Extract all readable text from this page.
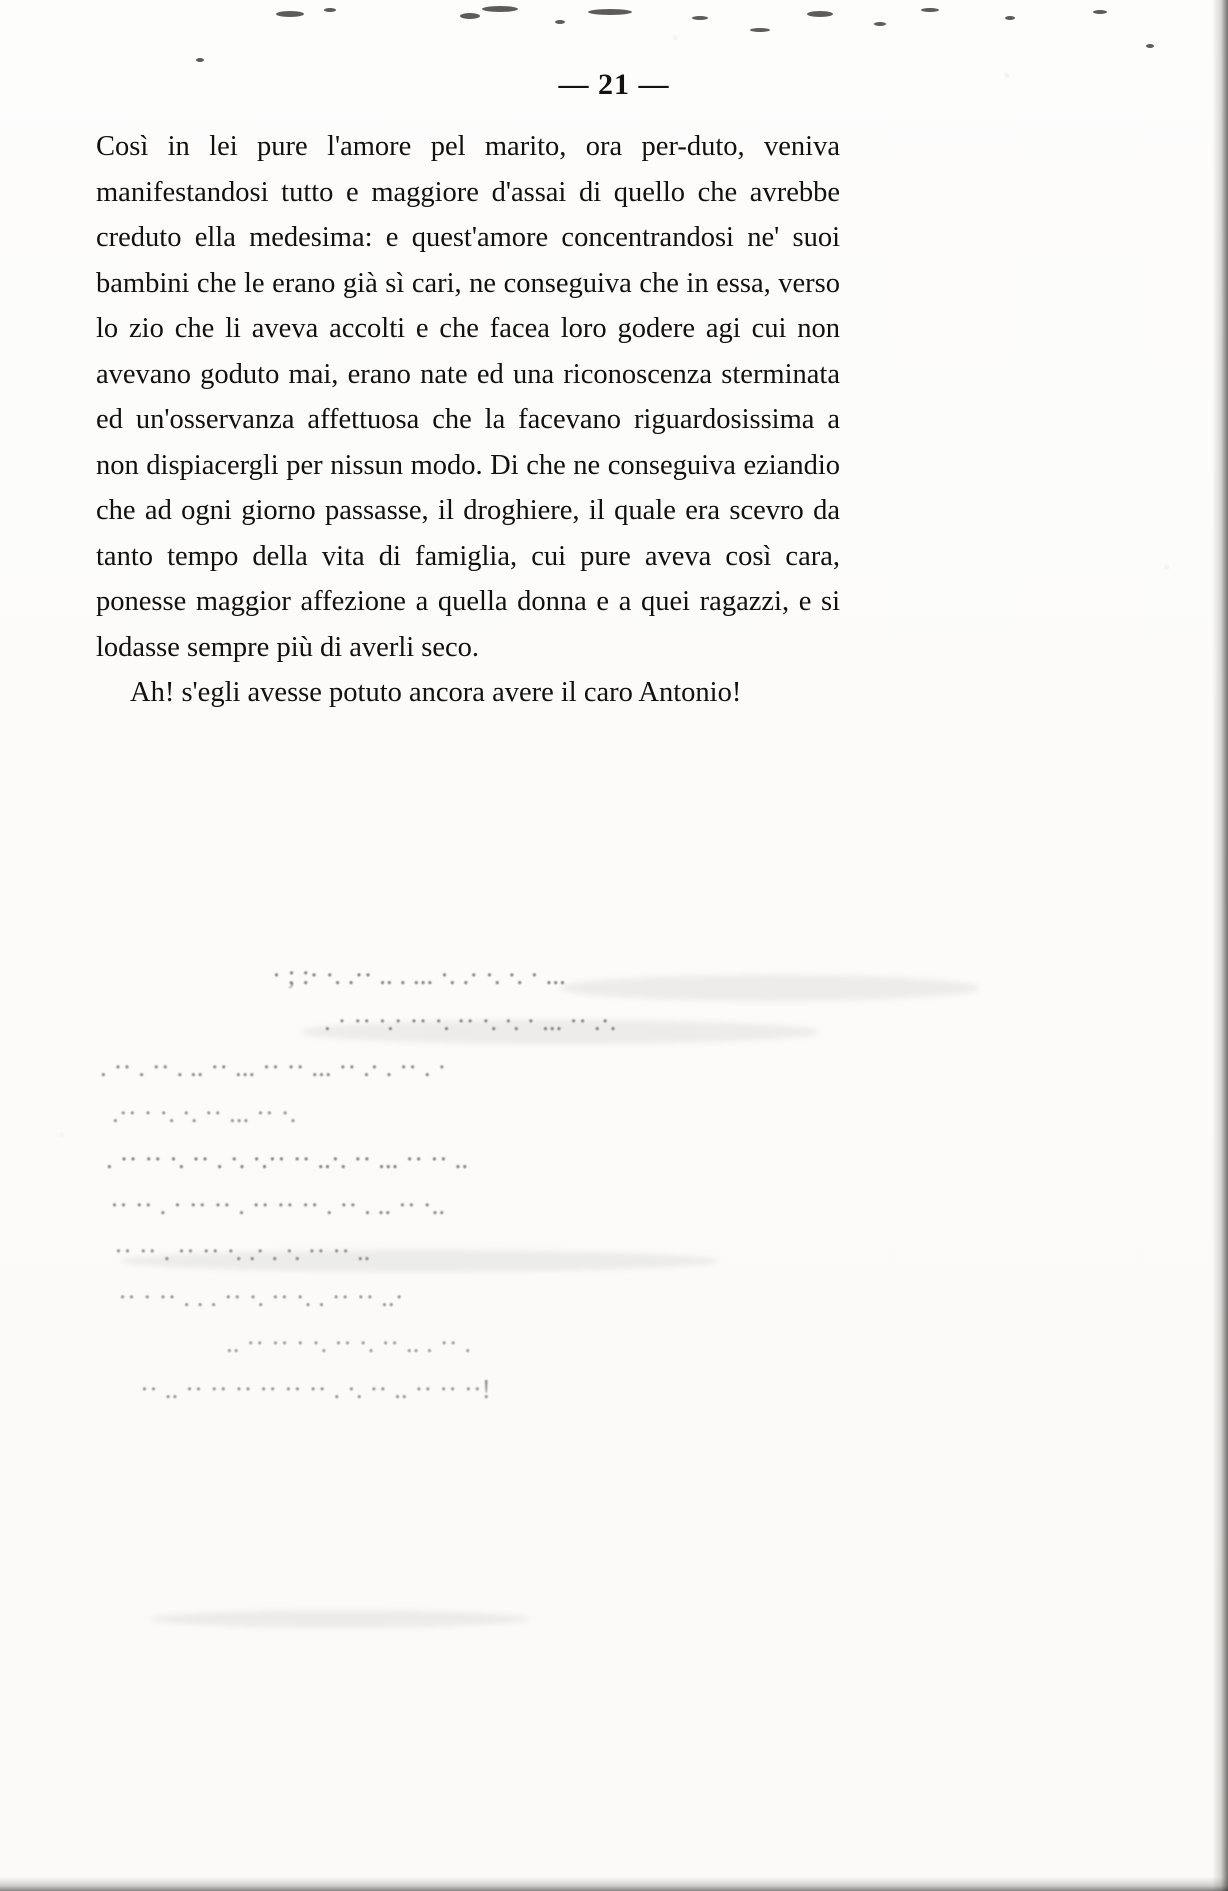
— 21 —

Così in lei pure l'amore pel marito, ora per-duto, veniva manifestandosi tutto e maggiore d'assai di quello che avrebbe creduto ella medesima: e quest'amore concentrandosi ne' suoi bambini che le erano già sì cari, ne conseguiva che in essa, verso lo zio che li aveva accolti e che facea loro godere agi cui non avevano goduto mai, erano nate ed una riconoscenza sterminata ed un'osservanza affettuosa che la facevano riguardosissima a non dispiacergli per nissun modo. Di che ne conseguiva eziandio che ad ogni giorno passasse, il droghiere, il quale era scevro da tanto tempo della vita di famiglia, cui pure aveva così cara, ponesse maggior affezione a quella donna e a quei ragazzi, e si lodasse sempre più di averli seco.

Ah! s'egli avesse potuto ancora avere il caro Antonio!

· ; :· ·. .·· .. . ... ·. .· ·. ·. · ...
. · ·· ·.· ·· ·. ·· ·. ·. · ... ·· .·.
. ·· . ·· . .. ·· ... ·· ·· ... ·· .· . ·· . ·
.·· · ·. ·. ·· ... ·· ·.
. ·· ·· ·. ·· . ·. ·.·· ·· ..·. ·· ... ·· ·· ..
·· ·· . · ·· ·· . ·· ·· ·· . ·· . .. ·· ·..
·· ·· . ·· ·· ·. .· . ·. ·· ·· ..
·· · ·· . . . ·· ·. ·· ·. . ·· ·· ..·
.. ·· ·· · ·. ·· ·. ·· .. . ·· .
·· .. ·· ·· ·· ·· ·· ·· . ·. ·· .. ·· ·· ··!
